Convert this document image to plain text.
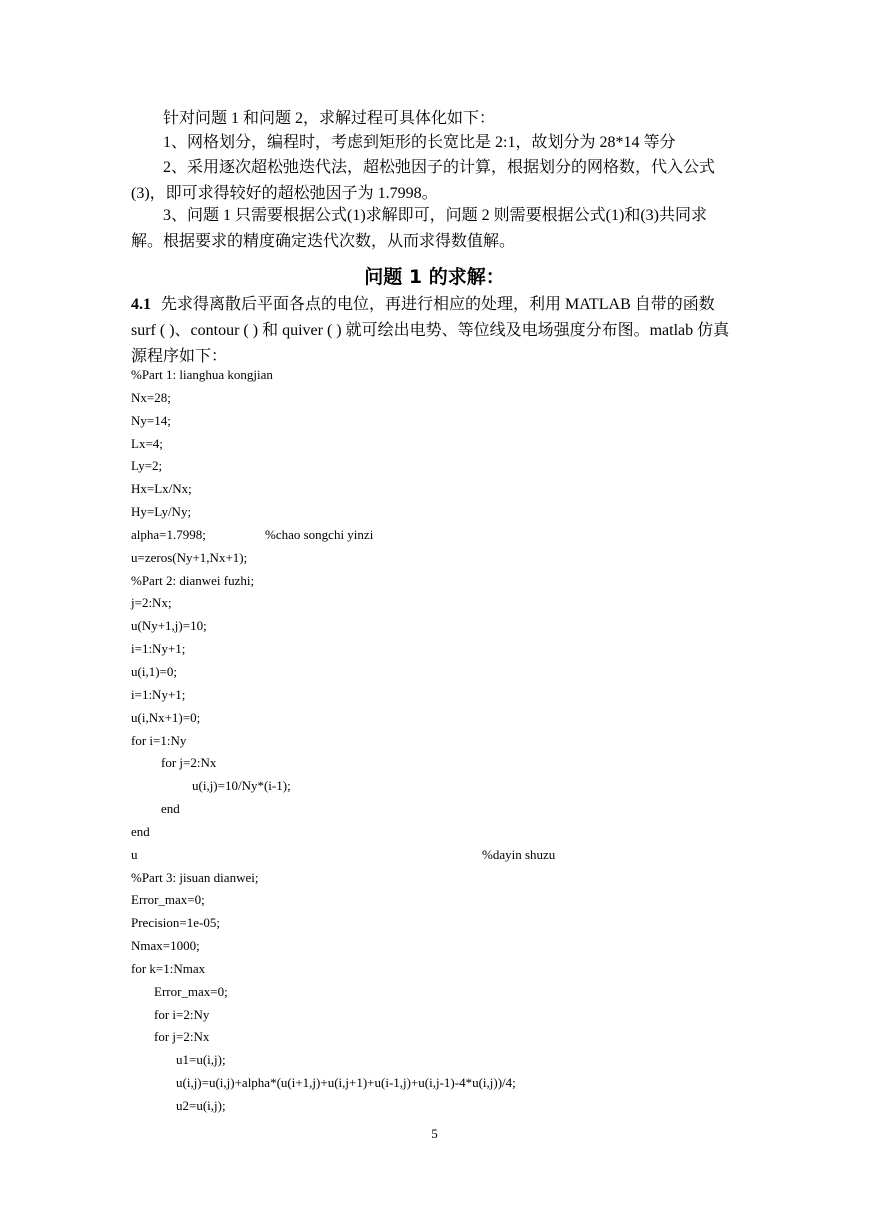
针对问题 1 和问题 2，求解过程可具体化如下：

1、网格划分，编程时，考虑到矩形的长宽比是 2:1，故划分为 28*14 等分

2、采用逐次超松弛迭代法，超松弛因子的计算，根据划分的网格数，代入公式(3)，即可求得较好的超松弛因子为 1.7998。

3、问题 1 只需要根据公式(1)求解即可，问题 2 则需要根据公式(1)和(3)共同求解。根据要求的精度确定迭代次数，从而求得数值解。

问题 1 的求解：

4.1 先求得离散后平面各点的电位，再进行相应的处理，利用 MATLAB 自带的函数 surf ( )、contour ( ) 和 quiver ( ) 就可绘出电势、等位线及电场强度分布图。matlab 仿真源程序如下：

%Part 1: lianghua kongjian
Nx=28;
Ny=14;
Lx=4;
Ly=2;
Hx=Lx/Nx;
Hy=Ly/Ny;
alpha=1.7998;	%chao songchi yinzi
u=zeros(Ny+1,Nx+1);
%Part 2: dianwei fuzhi;
j=2:Nx;
u(Ny+1,j)=10;
i=1:Ny+1;
u(i,1)=0;
i=1:Ny+1;
u(i,Nx+1)=0;
for i=1:Ny
for j=2:Nx
u(i,j)=10/Ny*(i-1);
end
end
u	%dayin shuzu
%Part 3: jisuan dianwei;
Error_max=0;
Precision=1e-05;
Nmax=1000;
for k=1:Nmax
Error_max=0;
for i=2:Ny
for j=2:Nx
u1=u(i,j);
u(i,j)=u(i,j)+alpha*(u(i+1,j)+u(i,j+1)+u(i-1,j)+u(i,j-1)-4*u(i,j))/4;
u2=u(i,j);
5
